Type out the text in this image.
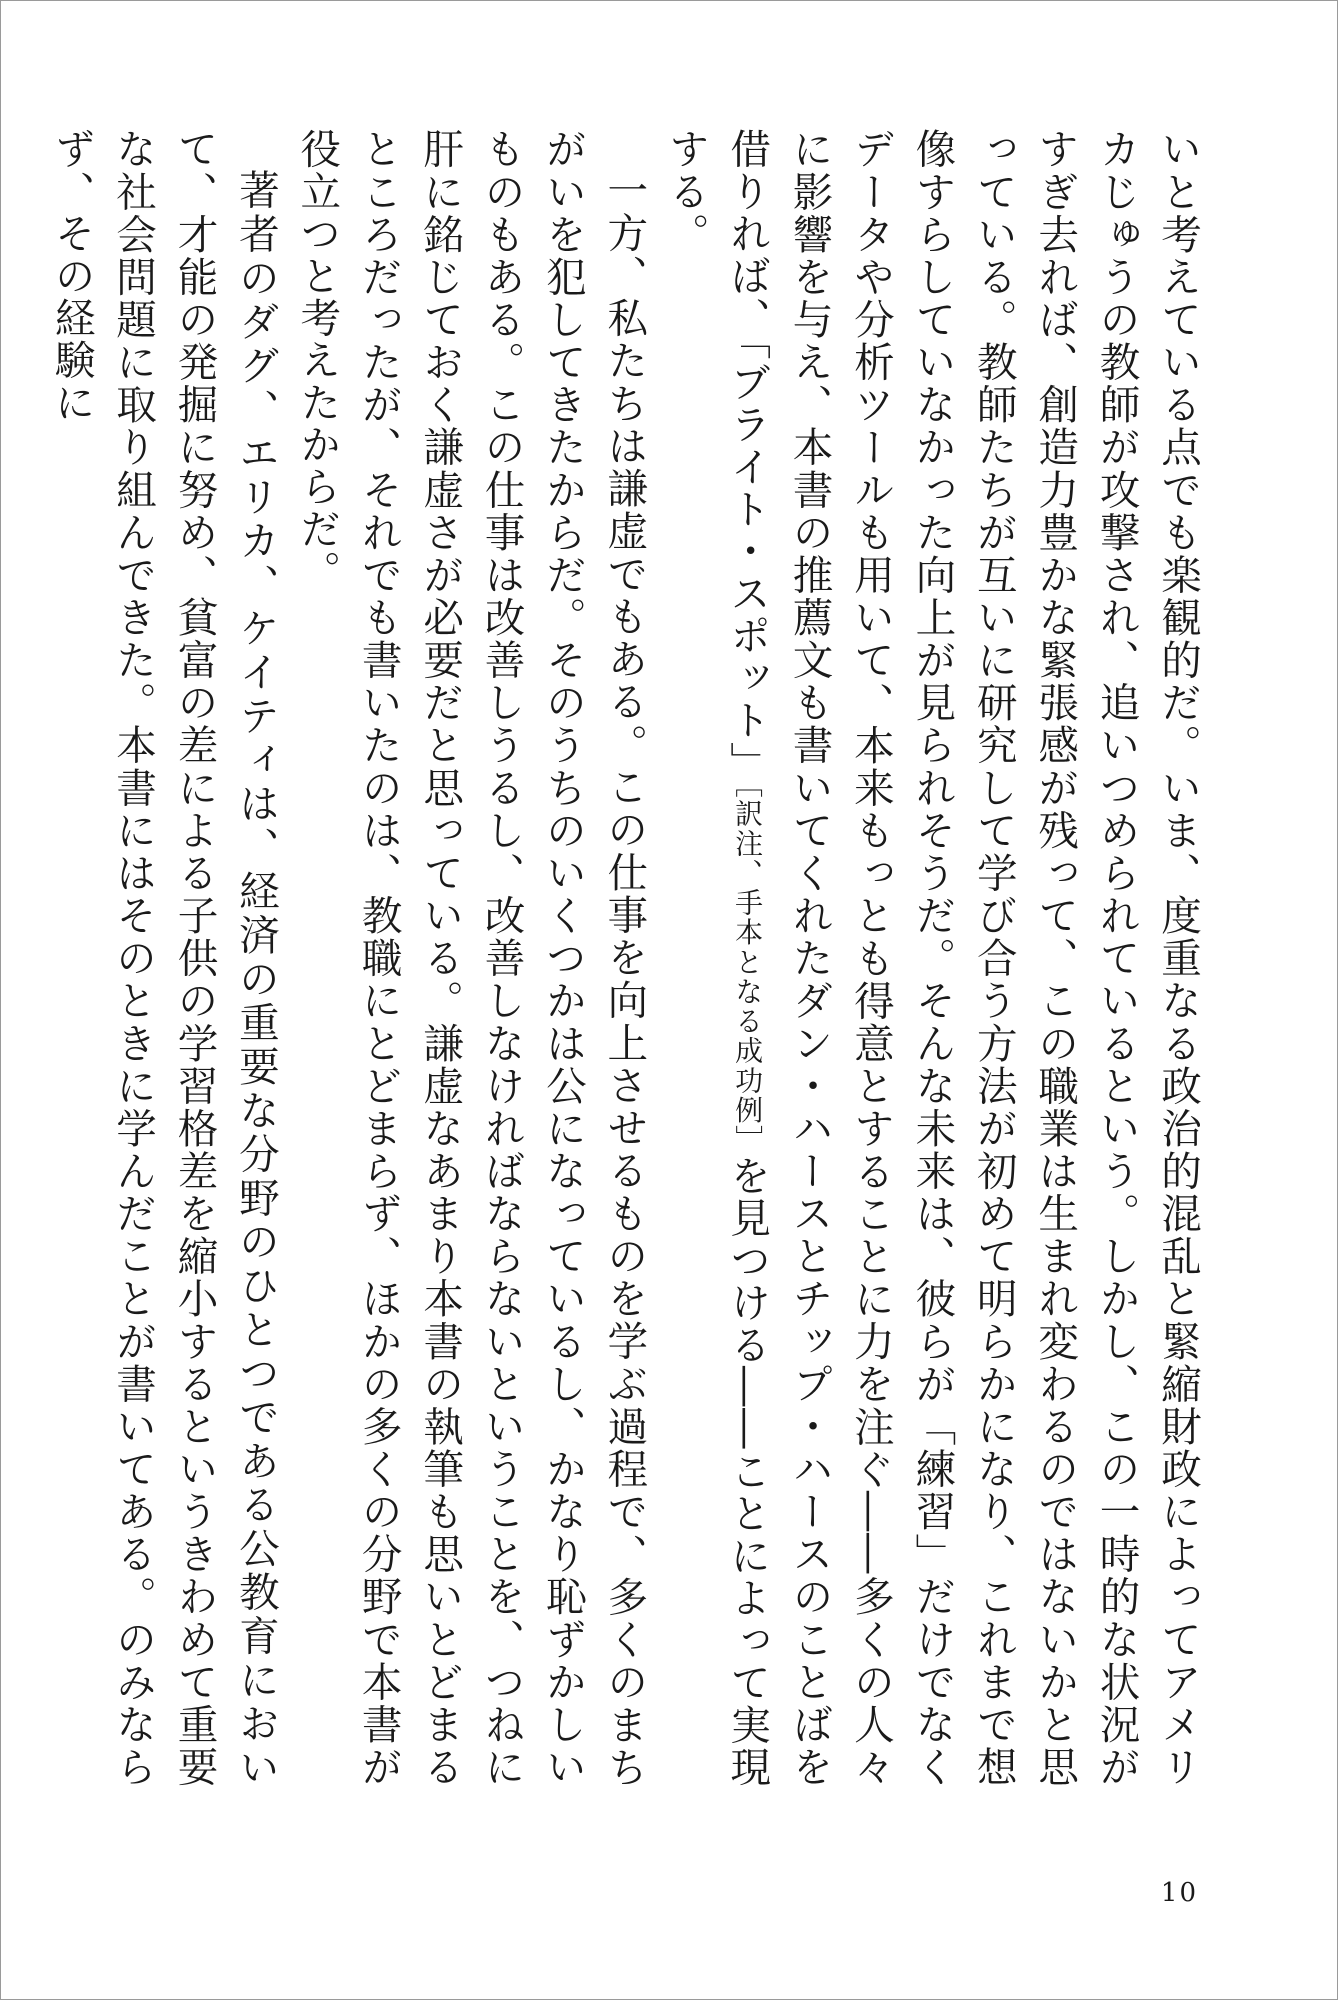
いと考えている点でも楽観的だ。いま、度重なる政治的混乱と緊縮財政によってアメリカじゅうの教師が攻撃され、追いつめられているという。しかし、この一時的な状況がすぎ去れば、創造力豊かな緊張感が残って、この職業は生まれ変わるのではないかと思っている。教師たちが互いに研究して学び合う方法が初めて明らかになり、これまで想像すらしていなかった向上が見られそうだ。そんな未来は、彼らが「練習」だけでなくデータや分析ツールも用いて、本来もっとも得意とすることに力を注ぐ――多くの人々に影響を与え、本書の推薦文も書いてくれたダン・ハースとチップ・ハースのことばを借りれば、「ブライト・スポット」［訳注、手本となる成功例］を見つける――ことによって実現する。

一方、私たちは謙虚でもある。この仕事を向上させるものを学ぶ過程で、多くのまちがいを犯してきたからだ。そのうちのいくつかは公になっているし、かなり恥ずかしいものもある。この仕事は改善しうるし、改善しなければならないということを、つねに肝に銘じておく謙虚さが必要だと思っている。謙虚なあまり本書の執筆も思いとどまるところだったが、それでも書いたのは、教職にとどまらず、ほかの多くの分野で本書が役立つと考えたからだ。

著者のダグ、エリカ、ケイティは、経済の重要な分野のひとつである公教育において、才能の発掘に努め、貧富の差による子供の学習格差を縮小するというきわめて重要な社会問題に取り組んできた。本書にはそのときに学んだことが書いてある。のみならず、その経験に

10
